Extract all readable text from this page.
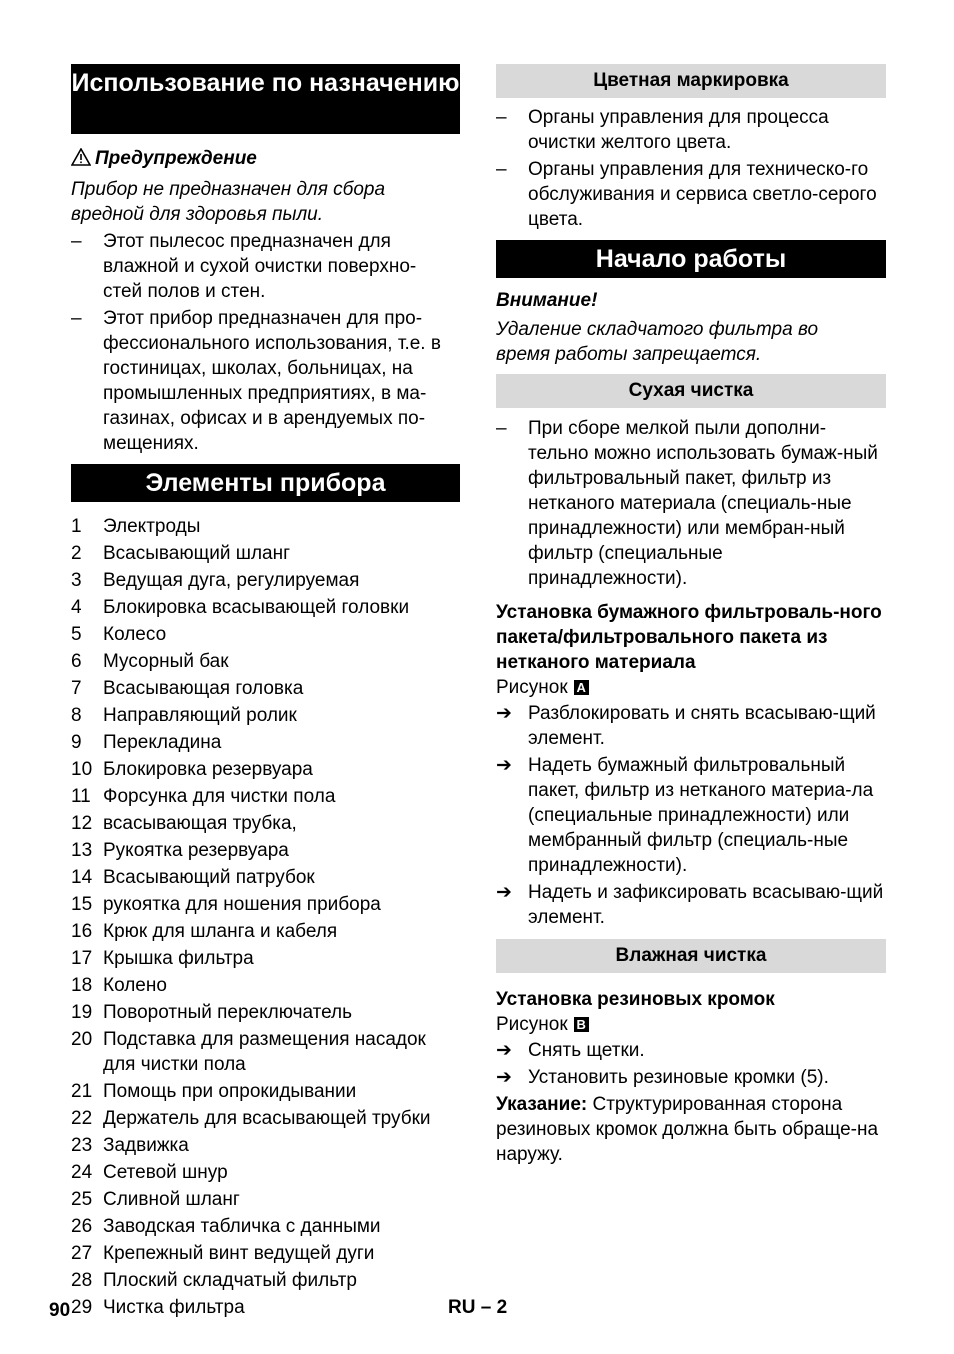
Использование по назначению
Предупреждение
Прибор не предназначен для сбора вредной для здоровья пыли.
– Этот пылесос предназначен для влажной и сухой очистки поверхно-стей полов и стен.
– Этот прибор предназначен для про-фессионального использования, т.е. в гостиницах, школах, больницах, на промышленных предприятиях, в ма-газинах, офисах и в арендуемых по-мещениях.
Элементы прибора
1	Электроды
2	Всасывающий шланг
3	Ведущая дуга, регулируемая
4	Блокировка всасывающей головки
5	Колесо
6	Мусорный бак
7	Всасывающая головка
8	Направляющий ролик
9	Перекладина
10 Блокировка резервуара
11 Форсунка для чистки пола
12 всасывающая трубка,
13 Рукоятка резервуара
14 Всасывающий патрубок
15 рукоятка для ношения прибора
16 Крюк для шланга и кабеля
17 Крышка фильтра
18 Колено
19 Поворотный переключатель
20 Подставка для размещения насадок для чистки пола
21 Помощь при опрокидывании
22 Держатель для всасывающей трубки
23 Задвижка
24 Сетевой шнур
25 Сливной шланг
26 Заводская табличка с данными
27 Крепежный винт ведущей дуги
28 Плоский складчатый фильтр
29 Чистка фильтра
Цветная маркировка
– Органы управления для процесса очистки желтого цвета.
– Органы управления для техническо-го обслуживания и сервиса светло-серого цвета.
Начало работы
Внимание!
Удаление складчатого фильтра во время работы запрещается.
Сухая чистка
– При сборе мелкой пыли дополни-тельно можно использовать бумаж-ный фильтровальный пакет, фильтр из нетканого материала (специаль-ные принадлежности) или мембран-ный фильтр (специальные принадлежности).
Установка бумажного фильтроваль-ного пакета/фильтровального пакета из нетканого материала
Рисунок A
➔ Разблокировать и снять всасываю-щий элемент.
➔ Надеть бумажный фильтровальный пакет, фильтр из нетканого материа-ла (специальные принадлежности) или мембранный фильтр (специаль-ные принадлежности).
➔ Надеть и зафиксировать всасываю-щий элемент.
Влажная чистка
Установка резиновых кромок
Рисунок B
➔ Снять щетки.
➔ Установить резиновые кромки (5).
Указание: Структурированная сторона резиновых кромок должна быть обраще-на наружу.
90	RU – 2
